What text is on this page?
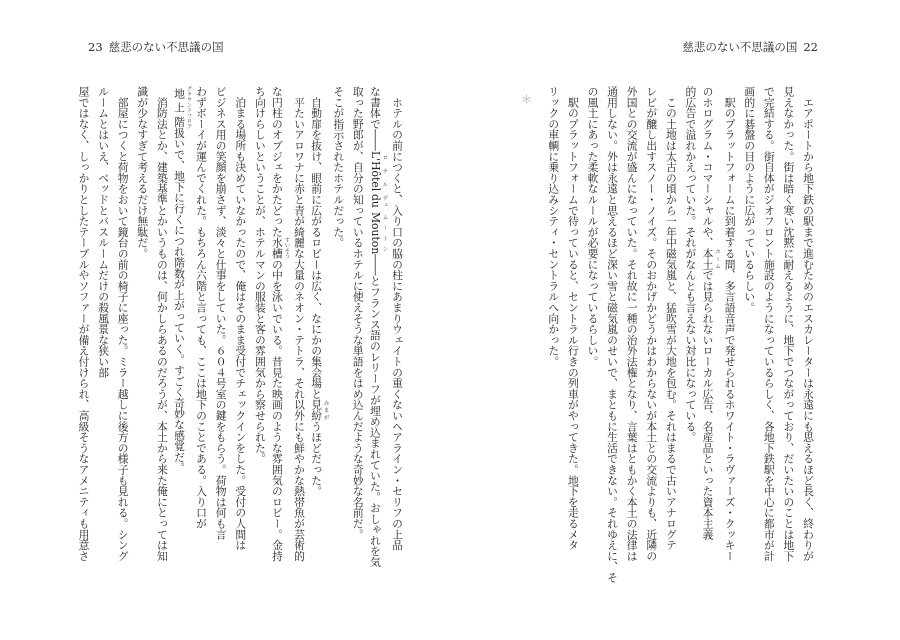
23 慈悲のない不思議の国
　ホテルの前につくと、入り口の脇の柱にあまりウェイトの重くないヘアライン・セリフの上品
な書体で――L'Hôtel ロテル du デュ Mouton ムートン――とフランス語のレリーフが埋め込まれていた。おしゃれを気
取った野郎が、自分の知っているホテルに使えそうな単語をはめ込んだような奇妙な名前だ。
そこが指示されたホテルだった。
　自動扉を抜け、眼前に広がるロビーは広く、なにかの集会場と見紛 みまがうほどだった。
　平たいアロワナに赤と青が綺麗な大量のネオン・テトラ、それ以外にも鮮やかな熱帯魚が芸術的
な円柱のオブジェをかたどった水槽 すいそうの中を泳いでいる。昔見た映画のような雰囲気のロビー。金持
ち向けらしいということが、ホテルマンの服装と客の雰囲気から察せられた。
　泊まる場所も決めていなかったので、俺はそのまま受付でチェックインをした。受付の人間は
ビジネス用の笑顔を崩さず、淡々と仕事をしていた。６０４号室の鍵をもらう。荷物は何も言
わずボーイが運んでくれた。もちろん六階と言っても、ここは地下のことである。入り口が
地上階 グラウンドフロア扱いで、地下に行くにつれ階数が上がっていく。すごく奇妙な感覚だ。
　消防法とか、建築基準とかいうものは、何かしらあるのだろうが、本土から来た俺にとっては知
識が少なすぎて考えるだけ無駄だ。
　部屋につくと荷物をおいて鏡台の前の椅子に座った。ミラー越しに後方の様子も見れる。シング
ルームとはいえ、ベッドとバスルームだけの殺風景な狭い部
屋ではなく、しっかりとしたテーブルやソファーが備え付けられ、高級そうなアメニティも用意さ
慈悲のない不思議の国 22
　エアポートから地下鉄の駅まで進むためのエスカレーターは永遠にも思えるほど長く、終わりが
見えなかった。街は暗く寒い沈黙に耐えるように、地下でつながっており、だいたいのことは地下
で完結する。街自体がジオフロント施設のようになっているらしく、各地下鉄駅を中心に都市が計
画的に碁盤の目のように広がっているらしい。
　駅のプラットフォームに到着する間、多言語音声で発せられるホワイト・ラヴァーズ・クッキー
のホログラム・コマーシャルや、本土 ホームでは見られないローカル広告、名産品といった資本主義
的広告で溢れかえっていた。それがなんとも言えない対比になっている。
　この土地は太古の頃から一年中磁気嵐と、猛吹雪が大地を包む。それはまるで古いアナログテ
レビが醸し出すスノー・ノイズ。そのおかげかどうかはわからないが本土との交流よりも、近隣の
外国との交流が盛んになっていた。それ故に一種の治外法権となり、言葉はともかく本土の法律は
通用しない。外は永遠と思えるほど深い雪と磁気嵐のせいで、まともに生活できない。それゆえに、そ
の風土にあった柔軟なルールが必要になっているらしい。
　駅のプラットフォームで待っていると、セントラル行きの列車がやってきた。地下を走るメタ
リックの車輌に乗り込みシティ・セントラルへ向かった。
＊
